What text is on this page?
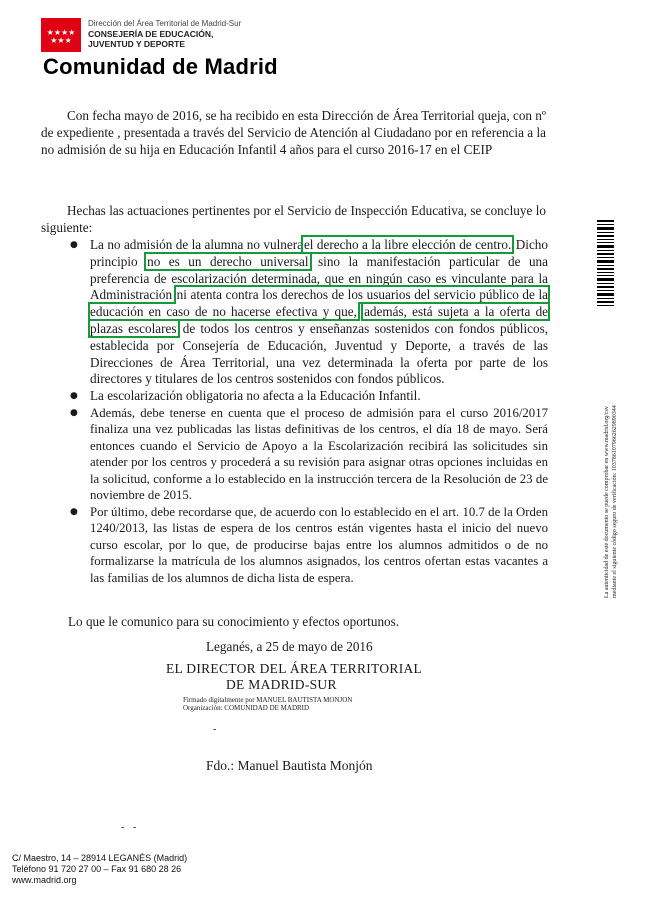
★★★★
★★★
Dirección del Área Territorial de Madrid-Sur
CONSEJERÍA DE EDUCACIÓN,
JUVENTUD Y DEPORTE
Comunidad de Madrid
Con fecha mayo de 2016, se ha recibido en esta Dirección de Área Territorial queja, con nº de expediente , presentada a través del Servicio de Atención al Ciudadano por en referencia a la no admisión de su hija en Educación Infantil 4 años para el curso 2016-17 en el CEIP
Hechas las actuaciones pertinentes por el Servicio de Inspección Educativa, se concluye lo siguiente:
● La no admisión de la alumna no vulnerael derecho a la libre elección de centro. Dicho principio no es un derecho universal sino la manifestación particular de una preferencia de escolarización determinada, que en ningún caso es vinculante para la Administración ni atenta contra los derechos de los usuarios del servicio público de la educación en caso de no hacerse efectiva y que, además, está sujeta a la oferta de plazas escolares de todos los centros y enseñanzas sostenidos con fondos públicos, establecida por Consejería de Educación, Juventud y Deporte, a través de las Direcciones de Área Territorial, una vez determinada la oferta por parte de los directores y titulares de los centros sostenidos con fondos públicos.
● La escolarización obligatoria no afecta a la Educación Infantil.
● Además, debe tenerse en cuenta que el proceso de admisión para el curso 2016/2017 finaliza una vez publicadas las listas definitivas de los centros, el día 18 de mayo. Será entonces cuando el Servicio de Apoyo a la Escolarización recibirá las solicitudes sin atender por los centros y procederá a su revisión para asignar otras opciones incluidas en la solicitud, conforme a lo establecido en la instrucción tercera de la Resolución de 23 de noviembre de 2015.
● Por último, debe recordarse que, de acuerdo con lo establecido en el art. 10.7 de la Orden 1240/2013, las listas de espera de los centros están vigentes hasta el inicio del nuevo curso escolar, por lo que, de producirse bajas entre los alumnos admitidos o de no formalizarse la matrícula de los alumnos asignados, los centros ofertan estas vacantes a las familias de los alumnos de dicha lista de espera.
Lo que le comunico para su conocimiento y efectos oportunos.
Leganés, a 25 de mayo de 2016
EL DIRECTOR DEL ÁREA TERRITORIAL
DE MADRID-SUR
Firmado digitalmente por MANUEL BAUTISTA MONJON
Organización: COMUNIDAD DE MADRID
-
Fdo.: Manuel Bautista Monjón
- -
C/ Maestro, 14 – 28914 LEGANÉS (Madrid)
Teléfono 91 720 27 00 – Fax 91 680 28 26
www.madrid.org
La autenticidad de este documento se puede comprobar en www.madrid.org/csv mediante el siguiente código seguro de verificación: 1037861079662629890344
